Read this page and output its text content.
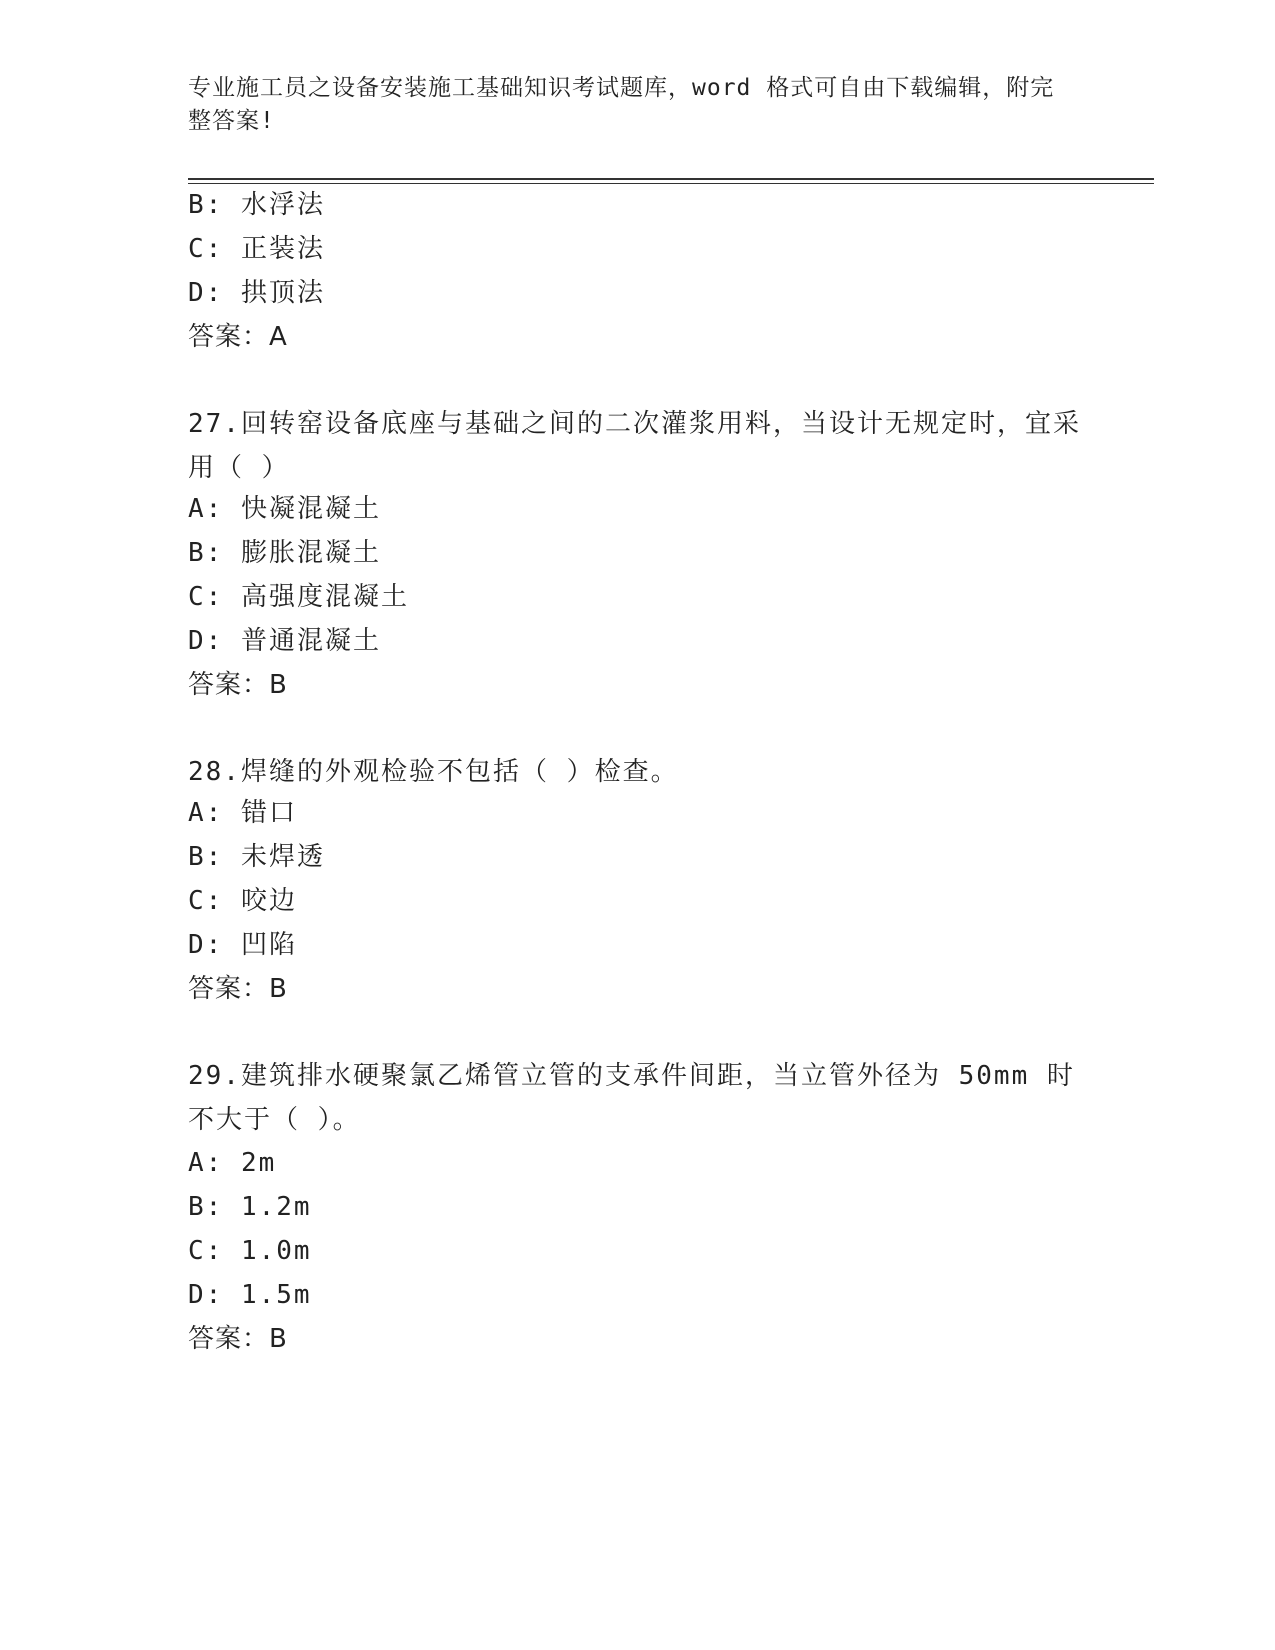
专业施工员之设备安装施工基础知识考试题库，word 格式可自由下载编辑，附完整答案!
B: 水浮法
C: 正装法
D: 拱顶法
答案：A
27.回转窑设备底座与基础之间的二次灌浆用料，当设计无规定时，宜采用（ ）
A: 快凝混凝土
B: 膨胀混凝土
C: 高强度混凝土
D: 普通混凝土
答案：B
28.焊缝的外观检验不包括（ ）检查。
A: 错口
B: 未焊透
C: 咬边
D: 凹陷
答案：B
29.建筑排水硬聚氯乙烯管立管的支承件间距，当立管外径为 50mm 时不大于（ ）。
A: 2m
B: 1.2m
C: 1.0m
D: 1.5m
答案：B
